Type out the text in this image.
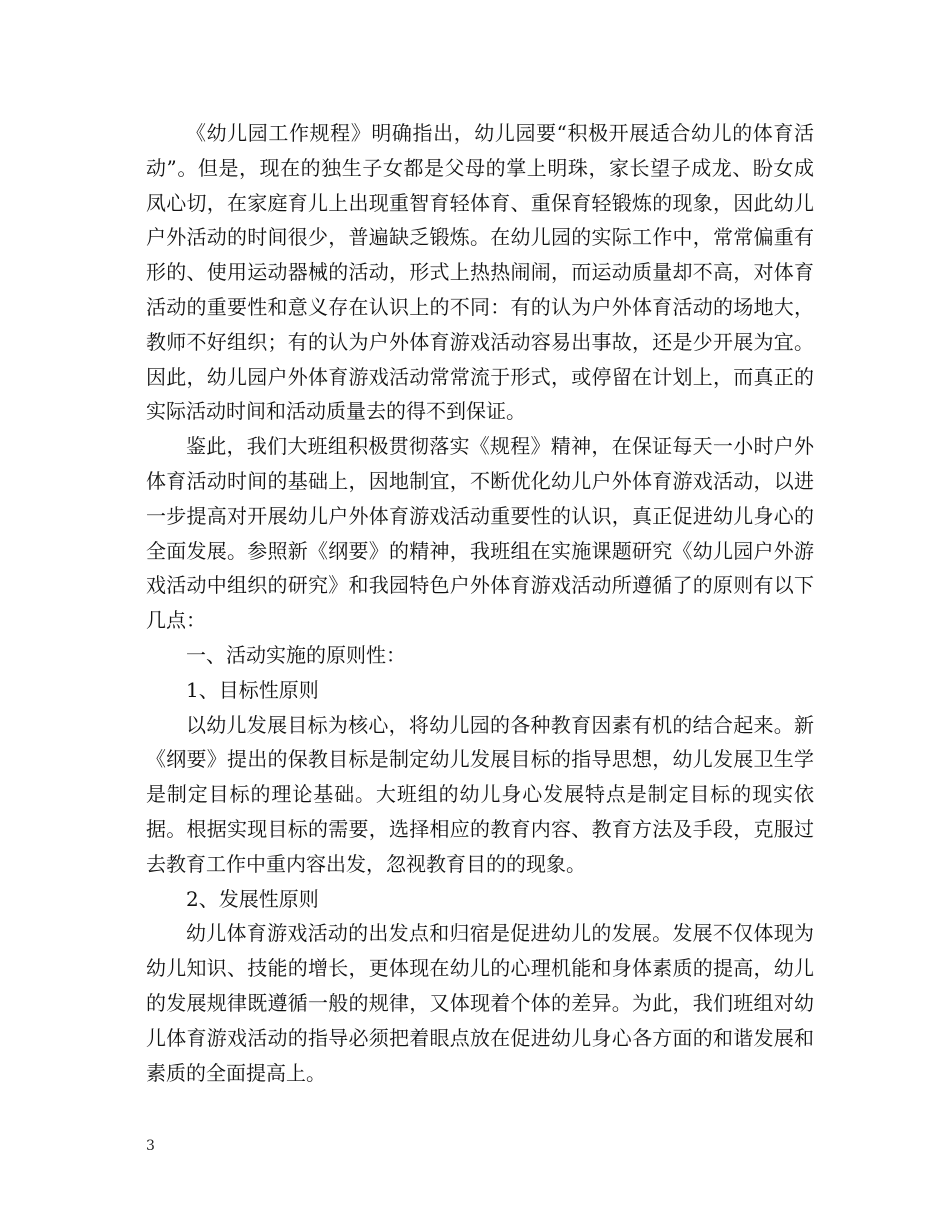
《幼儿园工作规程》明确指出，幼儿园要“积极开展适合幼儿的体育活动”。但是，现在的独生子女都是父母的掌上明珠，家长望子成龙、盼女成凤心切，在家庭育儿上出现重智育轻体育、重保育轻锻炼的现象，因此幼儿户外活动的时间很少，普遍缺乏锻炼。在幼儿园的实际工作中，常常偏重有形的、使用运动器械的活动，形式上热热闹闹，而运动质量却不高，对体育活动的重要性和意义存在认识上的不同：有的认为户外体育活动的场地大，教师不好组织；有的认为户外体育游戏活动容易出事故，还是少开展为宜。因此，幼儿园户外体育游戏活动常常流于形式，或停留在计划上，而真正的实际活动时间和活动质量去的得不到保证。

鉴此，我们大班组积极贯彻落实《规程》精神，在保证每天一小时户外体育活动时间的基础上，因地制宜，不断优化幼儿户外体育游戏活动，以进一步提高对开展幼儿户外体育游戏活动重要性的认识，真正促进幼儿身心的全面发展。参照新《纲要》的精神，我班组在实施课题研究《幼儿园户外游戏活动中组织的研究》和我园特色户外体育游戏活动所遵循了的原则有以下几点：

一、活动实施的原则性：

1、目标性原则

以幼儿发展目标为核心，将幼儿园的各种教育因素有机的结合起来。新《纲要》提出的保教目标是制定幼儿发展目标的指导思想，幼儿发展卫生学是制定目标的理论基础。大班组的幼儿身心发展特点是制定目标的现实依据。根据实现目标的需要，选择相应的教育内容、教育方法及手段，克服过去教育工作中重内容出发，忽视教育目的的现象。

2、发展性原则

幼儿体育游戏活动的出发点和归宿是促进幼儿的发展。发展不仅体现为幼儿知识、技能的增长，更体现在幼儿的心理机能和身体素质的提高，幼儿的发展规律既遵循一般的规律，又体现着个体的差异。为此，我们班组对幼儿体育游戏活动的指导必须把着眼点放在促进幼儿身心各方面的和谐发展和素质的全面提高上。

3
